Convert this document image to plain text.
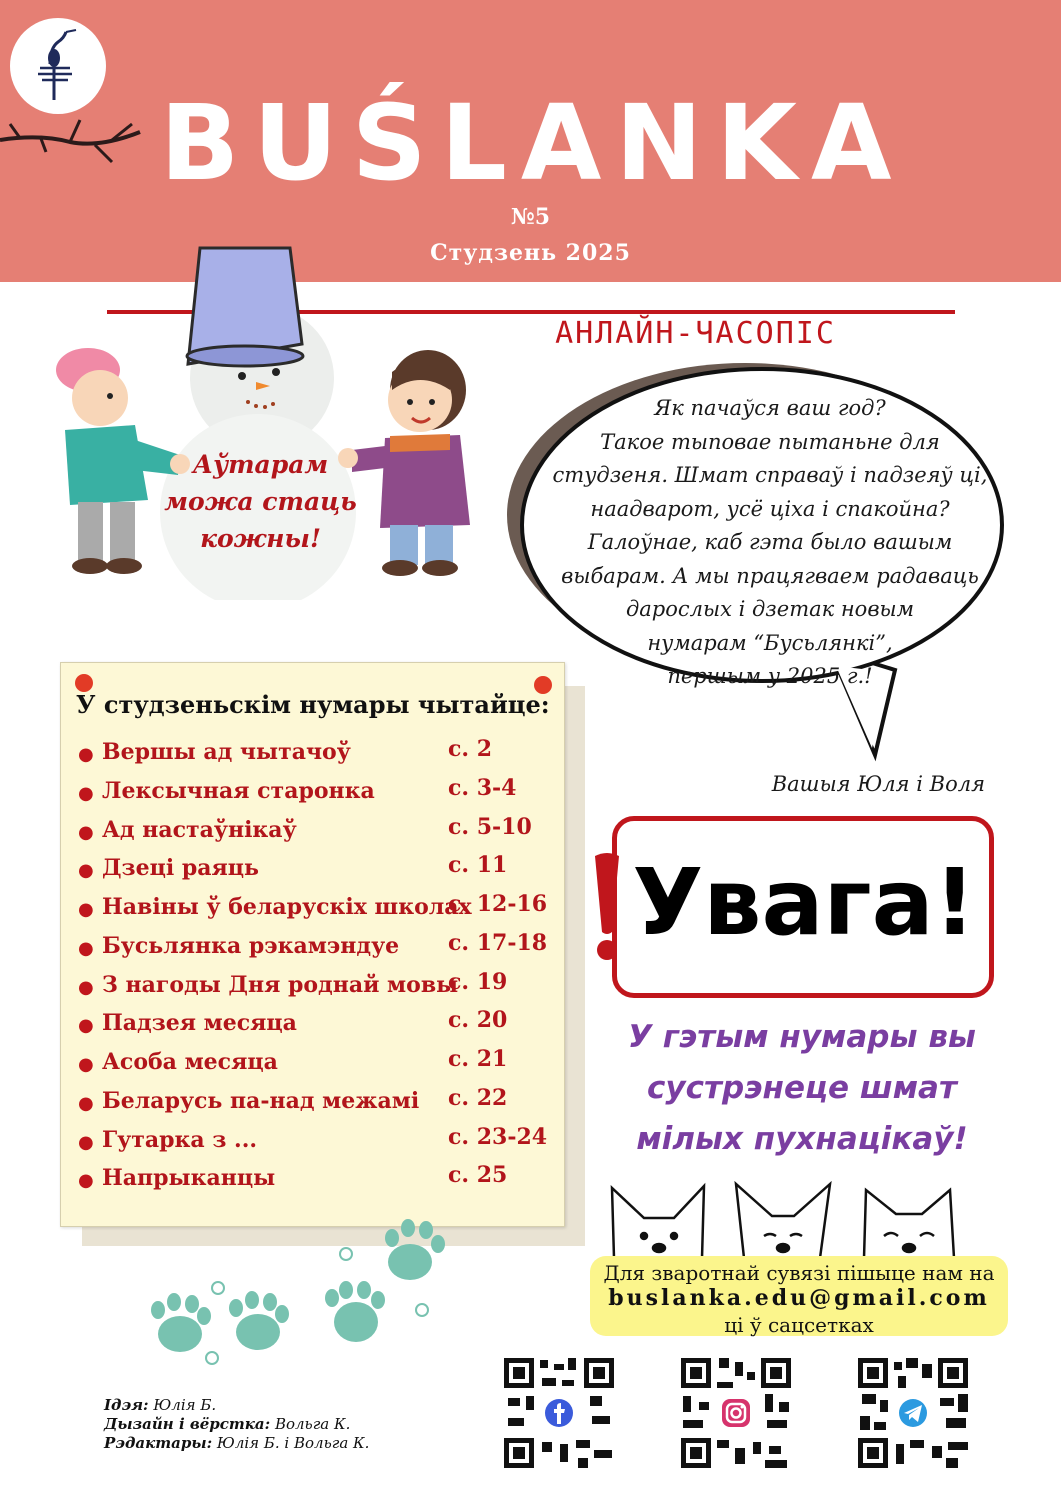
BUŚLANKA
№5
Студзень 2025
АНЛАЙН-ЧАСОПІС
Аўтарам
можа стаць
кожны!
Як пачаўся ваш год?
Такое тыповае пытаньне для
студзеня. Шмат справаў і падзеяў ці,
наадварот, усё ціха і спакойна?
Галоўнае, каб гэта было вашым
выбарам. А мы працягваем радаваць
дарослых і дзетак новым
нумарам “Бусьлянкі”,
першым у 2025 г.!
Вашыя Юля і Воля
У студзеньскім нумары чытайце:
● Вершы ад чытачоў	с. 2
● Лексычная старонка	с. 3-4
● Ад настаўнікаў	с. 5-10
● Дзеці раяць	с. 11
● Навіны ў беларускіх школах
с. 12-16
● Бусьлянка рэкамэндуе с. 17-18
● З нагоды Дня роднай мовы
с. 19
● Падзея месяца	с. 20
● Асоба месяца	с. 21
● Беларусь па-над межамі с. 22
● Гутарка з ...	с. 23-24
● Напрыканцы	с. 25
Увага!
У гэтым нумары вы
сустрэнеце шмат
мілых пухнацікаў!
Для зваротнай сувязі пішыце нам на
buslanka.edu@gmail.com
ці ў сацсетках
Ідэя: Юлія Б.
Дызайн і вёрстка: Вольга К.
Рэдактары: Юлія Б. і Вольга К.
